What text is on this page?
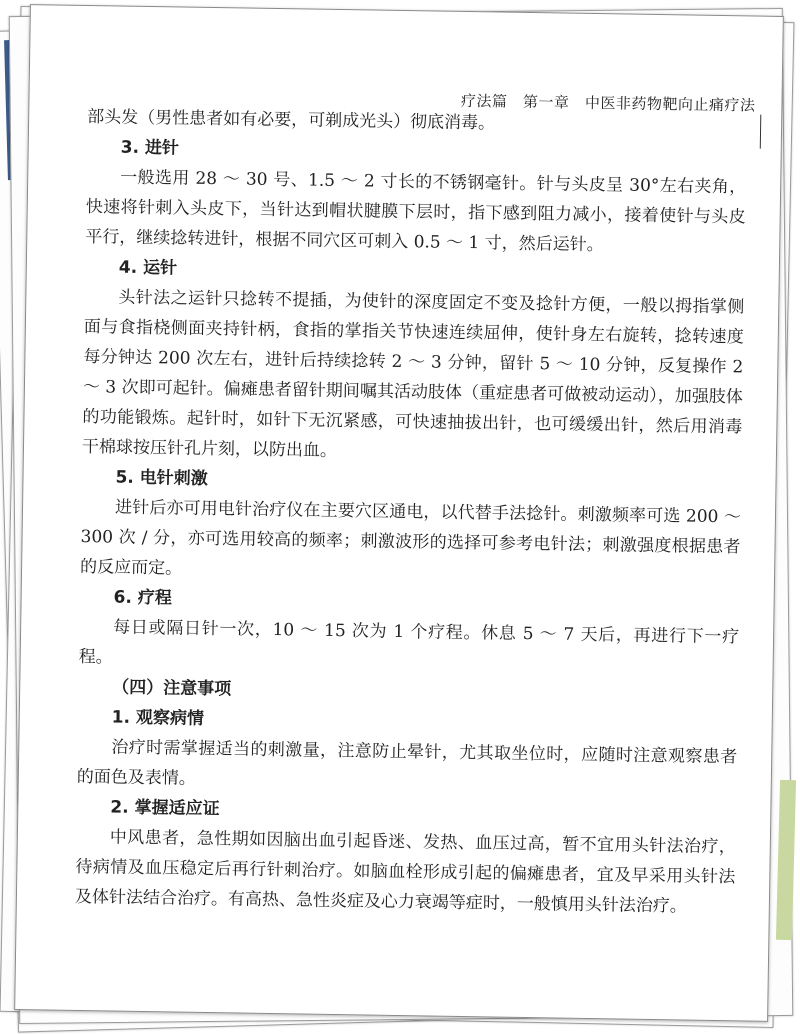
疗法篇　第一章　中医非药物靶向止痛疗法

部头发（男性患者如有必要，可剃成光头）彻底消毒。

3. 进针

一般选用 28 ～ 30 号、1.5 ～ 2 寸长的不锈钢毫针。针与头皮呈 30°左右夹角，快速将针刺入头皮下，当针达到帽状腱膜下层时，指下感到阻力减小，接着使针与头皮平行，继续捻转进针，根据不同穴区可刺入 0.5 ～ 1 寸，然后运针。

4. 运针

头针法之运针只捻转不提插，为使针的深度固定不变及捻针方便，一般以拇指掌侧面与食指桡侧面夹持针柄，食指的掌指关节快速连续屈伸，使针身左右旋转，捻转速度每分钟达 200 次左右，进针后持续捻转 2 ～ 3 分钟，留针 5 ～ 10 分钟，反复操作 2 ～ 3 次即可起针。偏瘫患者留针期间嘱其活动肢体（重症患者可做被动运动），加强肢体的功能锻炼。起针时，如针下无沉紧感，可快速抽拔出针，也可缓缓出针，然后用消毒干棉球按压针孔片刻，以防出血。

5. 电针刺激

进针后亦可用电针治疗仪在主要穴区通电，以代替手法捻针。刺激频率可选 200 ～ 300 次 / 分，亦可选用较高的频率；刺激波形的选择可参考电针法；刺激强度根据患者的反应而定。

6. 疗程

每日或隔日针一次，10 ～ 15 次为 1 个疗程。休息 5 ～ 7 天后，再进行下一疗程。

（四）注意事项
1. 观察病情

治疗时需掌握适当的刺激量，注意防止晕针，尤其取坐位时，应随时注意观察患者的面色及表情。

2. 掌握适应证

中风患者，急性期如因脑出血引起昏迷、发热、血压过高，暂不宜用头针法治疗，待病情及血压稳定后再行针刺治疗。如脑血栓形成引起的偏瘫患者，宜及早采用头针法及体针法结合治疗。有高热、急性炎症及心力衰竭等症时，一般慎用头针法治疗。
